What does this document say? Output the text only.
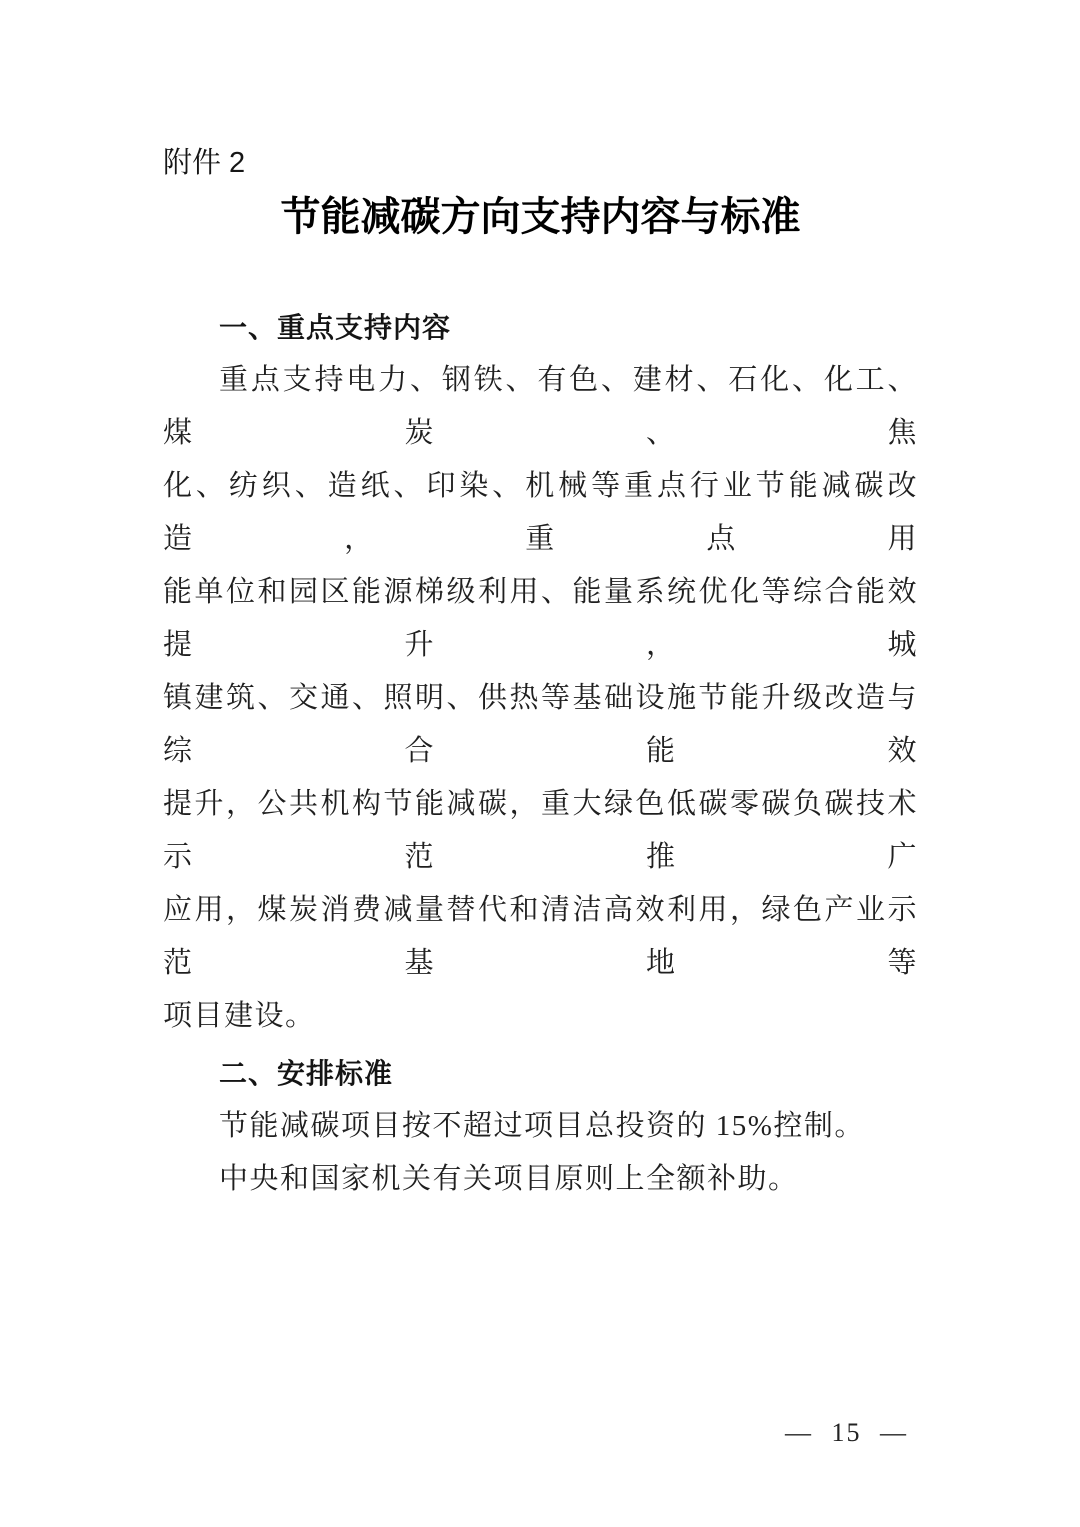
附件 2

节能减碳方向支持内容与标准
一、重点支持内容

重点支持电力、钢铁、有色、建材、石化、化工、煤炭、焦

化、纺织、造纸、印染、机械等重点行业节能减碳改造，重点用

能单位和园区能源梯级利用、能量系统优化等综合能效提升，城

镇建筑、交通、照明、供热等基础设施节能升级改造与综合能效

提升，公共机构节能减碳，重大绿色低碳零碳负碳技术示范推广

应用，煤炭消费减量替代和清洁高效利用，绿色产业示范基地等

项目建设。

二、安排标准

节能减碳项目按不超过项目总投资的 15%控制。

中央和国家机关有关项目原则上全额补助。

— 15 —
